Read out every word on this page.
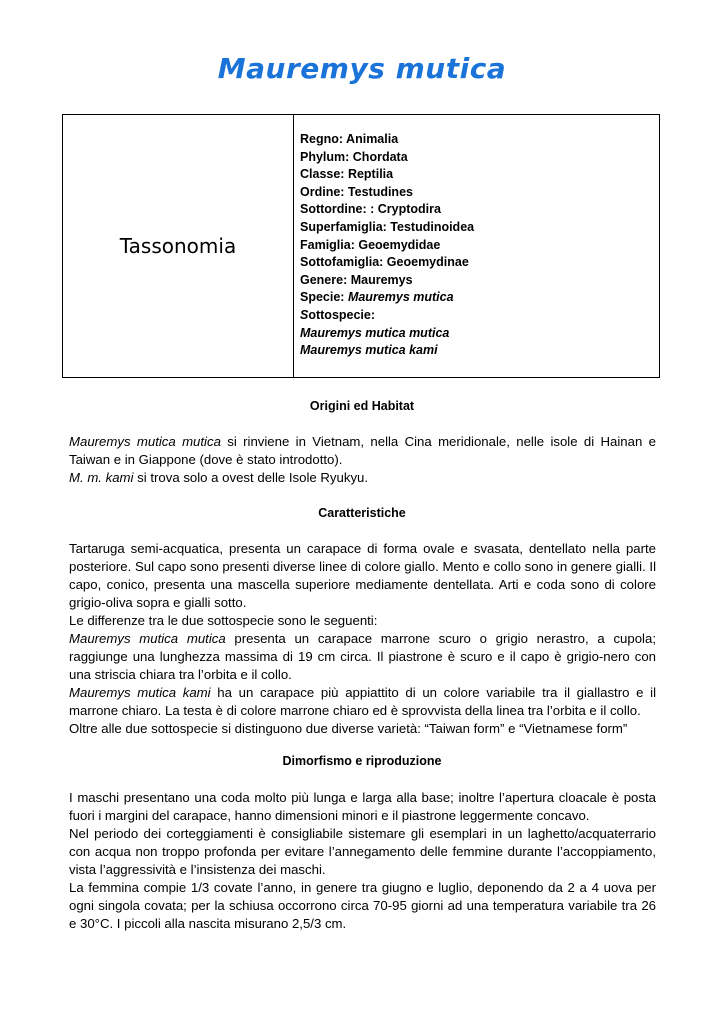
Mauremys mutica
Tassonomia
Regno: Animalia
Phylum: Chordata
Classe: Reptilia
Ordine: Testudines
Sottordine: : Cryptodira
Superfamiglia: Testudinoidea
Famiglia: Geoemydidae
Sottofamiglia: Geoemydinae
Genere: Mauremys
Specie: Mauremys mutica
Sottospecie:
Mauremys mutica mutica
Mauremys mutica kami
Origini ed Habitat

Mauremys mutica mutica si rinviene in Vietnam, nella Cina meridionale, nelle isole di Hainan e Taiwan e in Giappone (dove è stato introdotto).

M. m. kami si trova solo a ovest delle Isole Ryukyu.

Caratteristiche

Tartaruga semi-acquatica, presenta un carapace di forma ovale e svasata, dentellato nella parte posteriore. Sul capo sono presenti diverse linee di colore giallo. Mento e collo sono in genere gialli. Il capo, conico, presenta una mascella superiore mediamente dentellata. Arti e coda sono di colore grigio-oliva sopra e gialli sotto.

Le differenze tra le due sottospecie sono le seguenti:

Mauremys mutica mutica presenta un carapace marrone scuro o grigio nerastro, a cupola; raggiunge una lunghezza massima di 19 cm circa. Il piastrone è scuro e il capo è grigio-nero con una striscia chiara tra l’orbita e il collo.

Mauremys mutica kami ha un carapace più appiattito di un colore variabile tra il giallastro e il marrone chiaro. La testa è di colore marrone chiaro ed è sprovvista della linea tra l’orbita e il collo.

Oltre alle due sottospecie si distinguono due diverse varietà: “Taiwan form” e “Vietnamese form”

Dimorfismo e riproduzione

I maschi presentano una coda molto più lunga e larga alla base; inoltre l’apertura cloacale è posta fuori i margini del carapace, hanno dimensioni minori e il piastrone leggermente concavo.

Nel periodo dei corteggiamenti è consigliabile sistemare gli esemplari in un laghetto/acquaterrario con acqua non troppo profonda per evitare l’annegamento delle femmine durante l’accoppiamento, vista l’aggressività e l’insistenza dei maschi.

La femmina compie 1/3 covate l’anno, in genere tra giugno e luglio, deponendo da 2 a 4 uova per ogni singola covata; per la schiusa occorrono circa 70-95 giorni ad una temperatura variabile tra 26 e 30°C. I piccoli alla nascita misurano 2,5/3 cm.
